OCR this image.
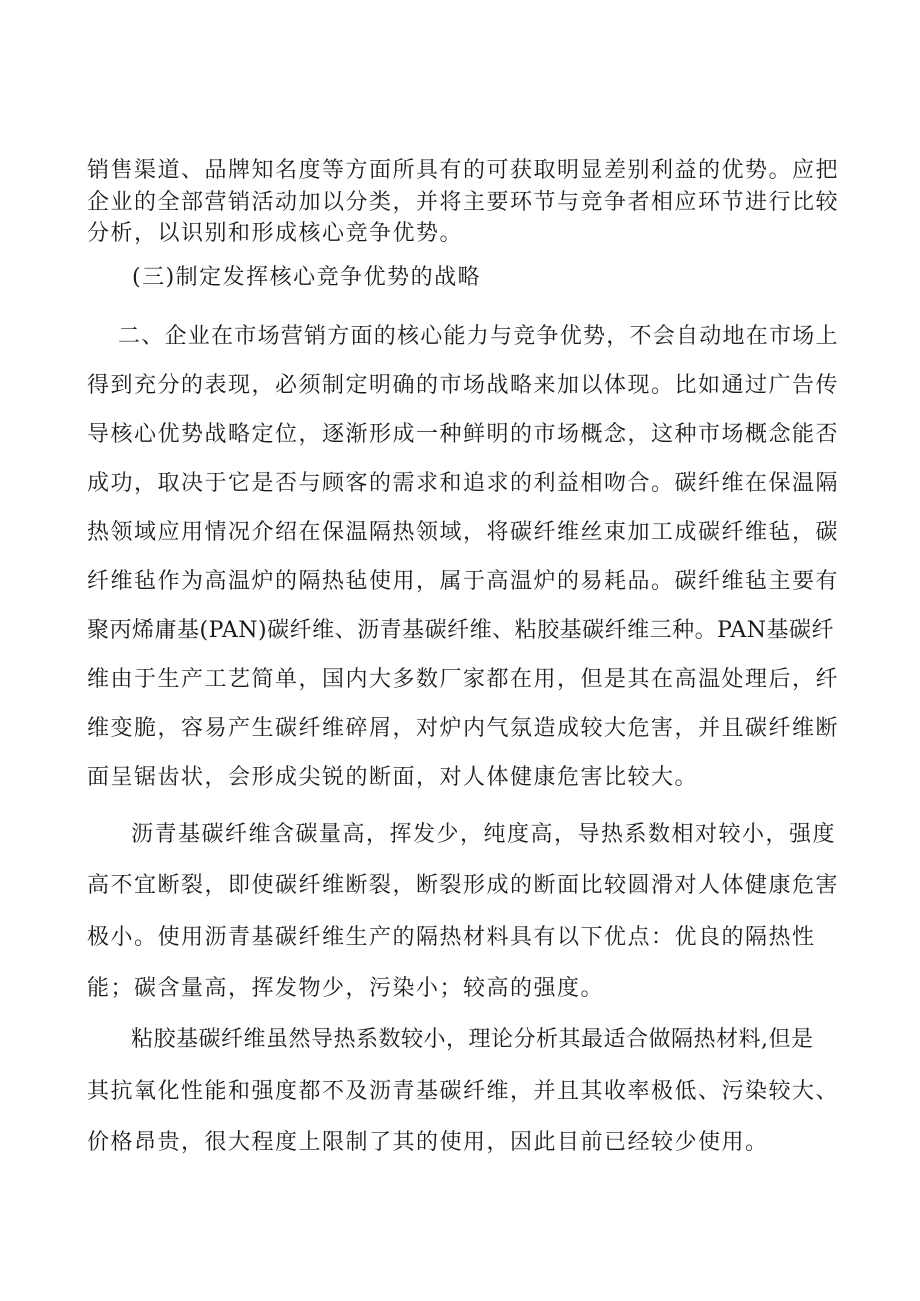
销售渠道、品牌知名度等方面所具有的可获取明显差别利益的优势。应把
企业的全部营销活动加以分类，并将主要环节与竞争者相应环节进行比较
分析，以识别和形成核心竞争优势。
(三)制定发挥核心竞争优势的战略
二、企业在市场营销方面的核心能力与竞争优势，不会自动地在市场上
得到充分的表现，必须制定明确的市场战略来加以体现。比如通过广告传
导核心优势战略定位，逐渐形成一种鲜明的市场概念，这种市场概念能否
成功，取决于它是否与顾客的需求和追求的利益相吻合。碳纤维在保温隔
热领域应用情况介绍在保温隔热领域，将碳纤维丝束加工成碳纤维毡，碳
纤维毡作为高温炉的隔热毡使用，属于高温炉的易耗品。碳纤维毡主要有
聚丙烯庸基(PAN)碳纤维、沥青基碳纤维、粘胶基碳纤维三种。PAN基碳纤
维由于生产工艺简单，国内大多数厂家都在用，但是其在高温处理后，纤
维变脆，容易产生碳纤维碎屑，对炉内气氛造成较大危害，并且碳纤维断
面呈锯齿状，会形成尖锐的断面，对人体健康危害比较大。
沥青基碳纤维含碳量高，挥发少，纯度高，导热系数相对较小，强度
高不宜断裂，即使碳纤维断裂，断裂形成的断面比较圆滑对人体健康危害
极小。使用沥青基碳纤维生产的隔热材料具有以下优点：优良的隔热性
能；碳含量高，挥发物少，污染小；较高的强度。
粘胶基碳纤维虽然导热系数较小，理论分析其最适合做隔热材料,但是
其抗氧化性能和强度都不及沥青基碳纤维，并且其收率极低、污染较大、
价格昂贵，很大程度上限制了其的使用，因此目前已经较少使用。
